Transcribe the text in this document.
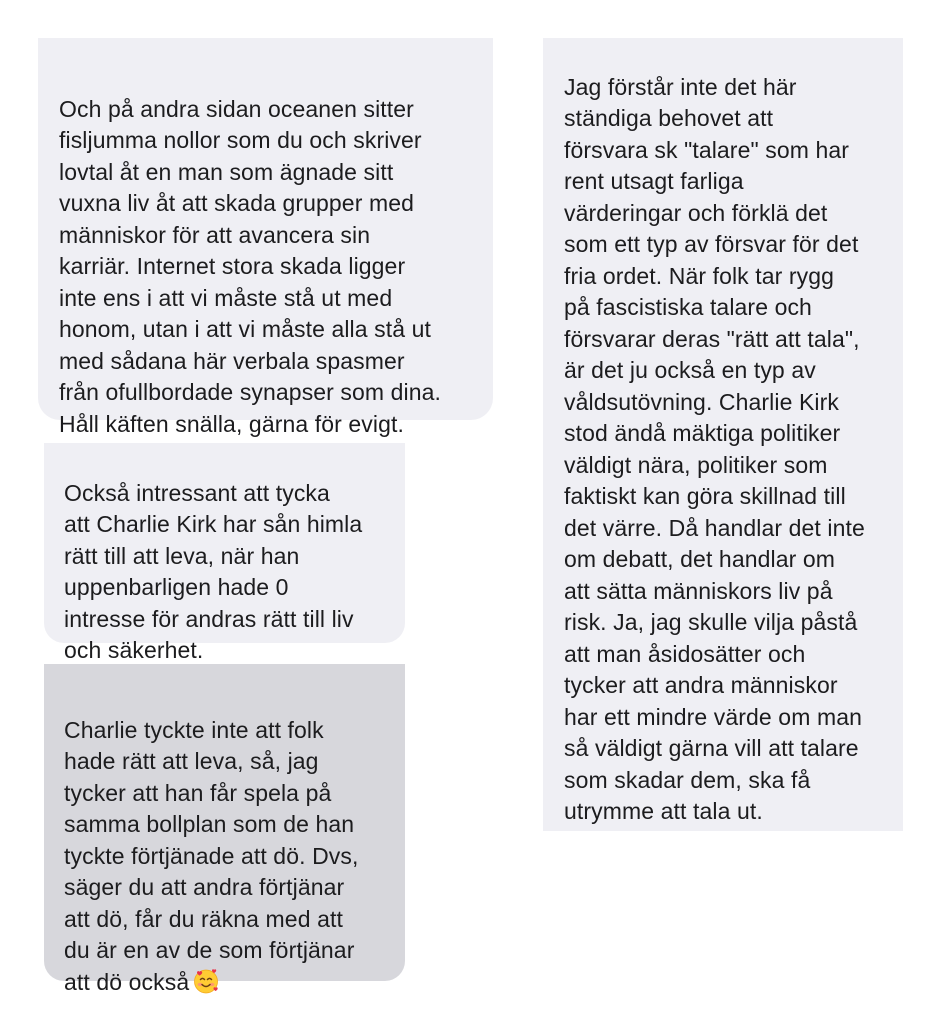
Och på andra sidan oceanen sitter
fisljumma nollor som du och skriver
lovtal åt en man som ägnade sitt
vuxna liv åt att skada grupper med
människor för att avancera sin
karriär. Internet stora skada ligger
inte ens i att vi måste stå ut med
honom, utan i att vi måste alla stå ut
med sådana här verbala spasmer
från ofullbordade synapser som dina.
Håll käften snälla, gärna för evigt.

Också intressant att tycka
att Charlie Kirk har sån himla
rätt till att leva, när han
uppenbarligen hade 0
intresse för andras rätt till liv
och säkerhet.

Charlie tyckte inte att folk
hade rätt att leva, så, jag
tycker att han får spela på
samma bollplan som de han
tyckte förtjänade att dö. Dvs,
säger du att andra förtjänar
att dö, får du räkna med att
du är en av de som förtjänar
att dö också

Jag förstår inte det här
ständiga behovet att
försvara sk "talare" som har
rent utsagt farliga
värderingar och förklä det
som ett typ av försvar för det
fria ordet. När folk tar rygg
på fascistiska talare och
försvarar deras "rätt att tala",
är det ju också en typ av
våldsutövning. Charlie Kirk
stod ändå mäktiga politiker
väldigt nära, politiker som
faktiskt kan göra skillnad till
det värre. Då handlar det inte
om debatt, det handlar om
att sätta människors liv på
risk. Ja, jag skulle vilja påstå
att man åsidosätter och
tycker att andra människor
har ett mindre värde om man
så väldigt gärna vill att talare
som skadar dem, ska få
utrymme att tala ut.
